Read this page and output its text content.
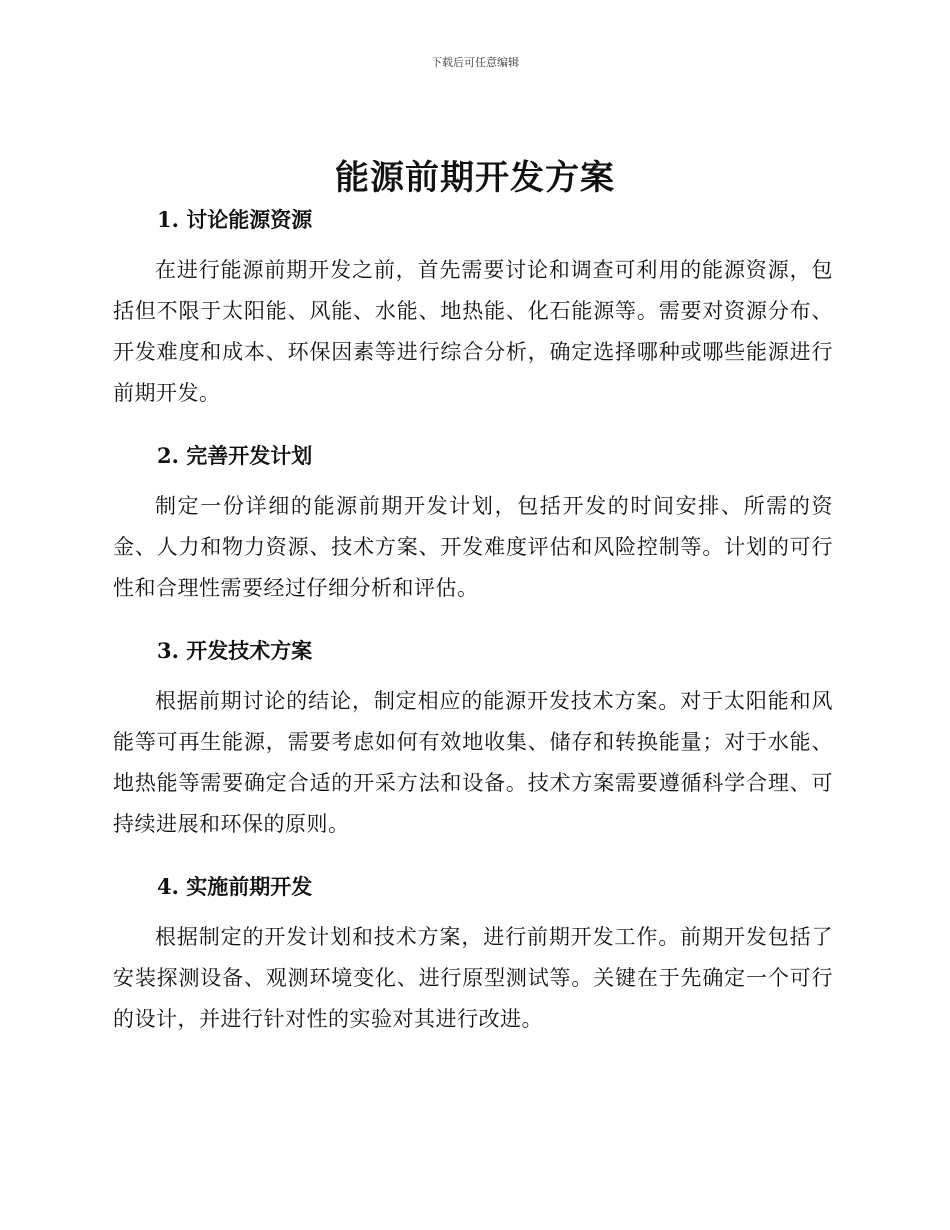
下载后可任意编辑
能源前期开发方案
1. 讨论能源资源

在进行能源前期开发之前，首先需要讨论和调查可利用的能源资源，包括但不限于太阳能、风能、水能、地热能、化石能源等。需要对资源分布、开发难度和成本、环保因素等进行综合分析，确定选择哪种或哪些能源进行前期开发。

2. 完善开发计划

制定一份详细的能源前期开发计划，包括开发的时间安排、所需的资金、人力和物力资源、技术方案、开发难度评估和风险控制等。计划的可行性和合理性需要经过仔细分析和评估。

3. 开发技术方案

根据前期讨论的结论，制定相应的能源开发技术方案。对于太阳能和风能等可再生能源，需要考虑如何有效地收集、储存和转换能量；对于水能、地热能等需要确定合适的开采方法和设备。技术方案需要遵循科学合理、可持续进展和环保的原则。

4. 实施前期开发

根据制定的开发计划和技术方案，进行前期开发工作。前期开发包括了安装探测设备、观测环境变化、进行原型测试等。关键在于先确定一个可行的设计，并进行针对性的实验对其进行改进。
